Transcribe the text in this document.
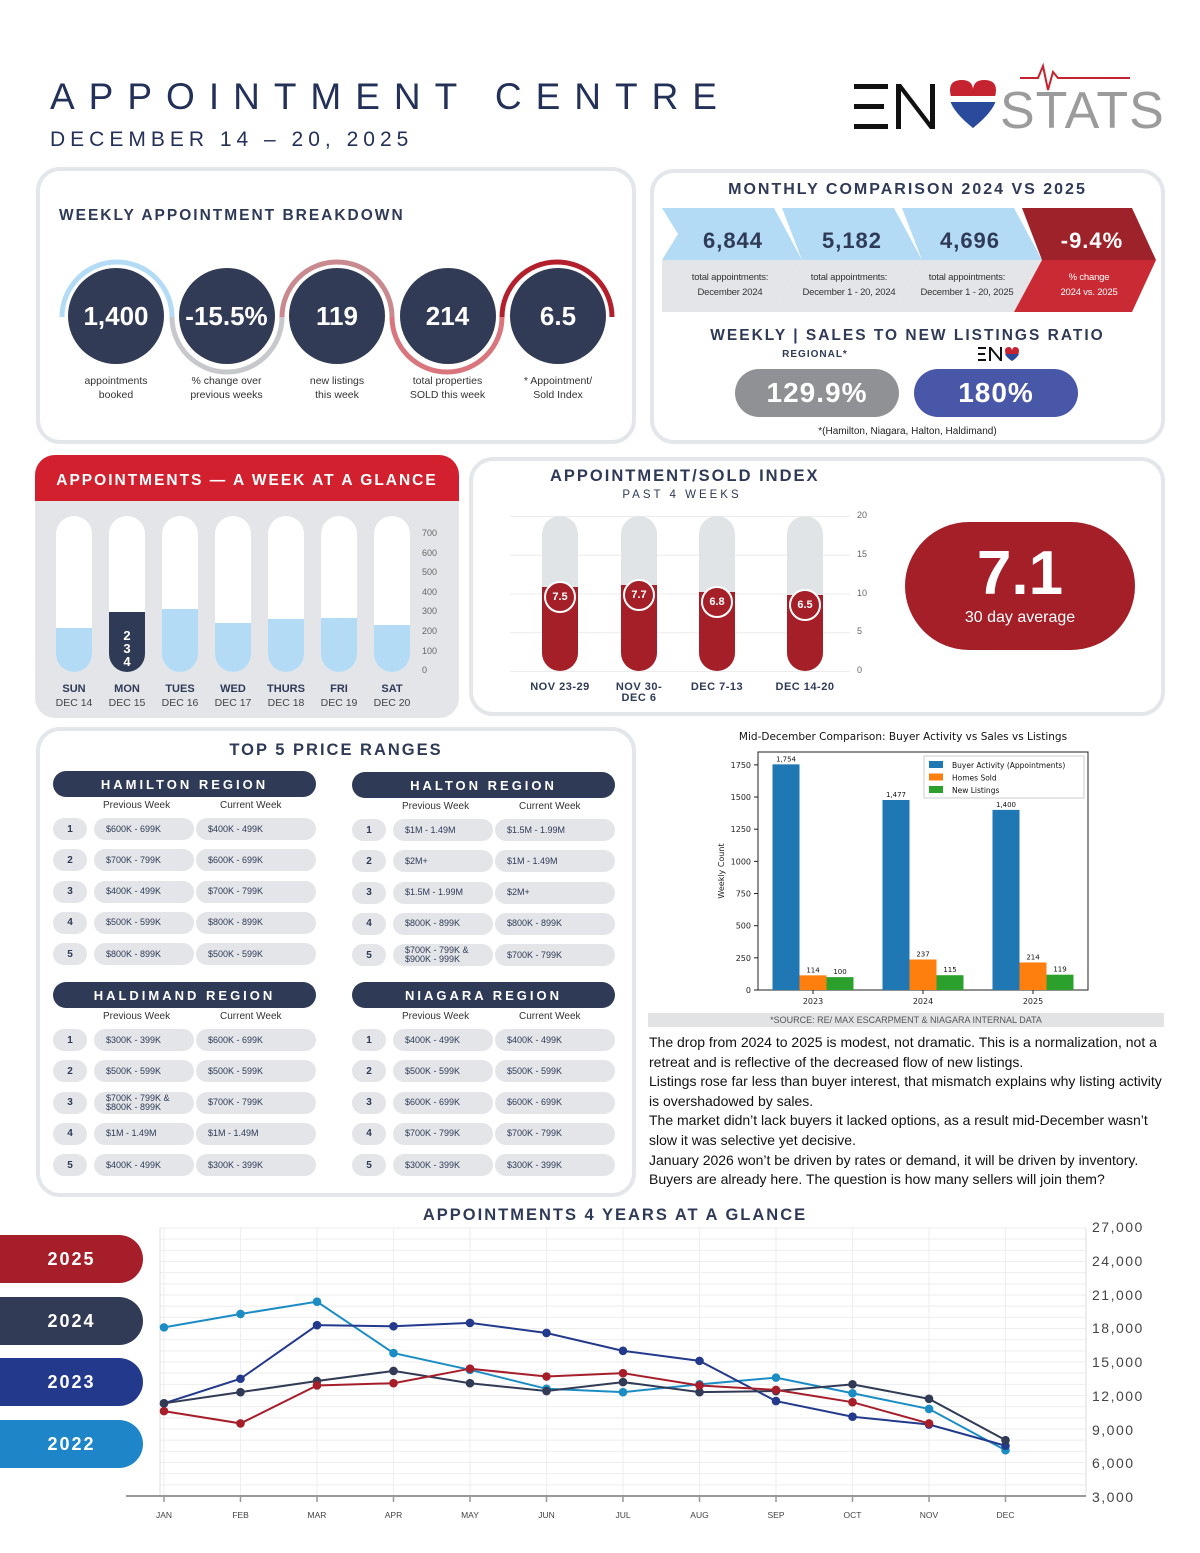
APPOINTMENT CENTRE
DECEMBER 14 – 20, 2025	STATS
WEEKLY APPOINTMENT BREAKDOWN
1,400
appointments
booked
-15.5%
% change over
previous weeks
119
new listings
this week
214
total properties
SOLD this week
6.5
* Appointment/
Sold Index
MONTHLY COMPARISON 2024 VS 2025
6,844
total appointments:
December 2024
5,182
total appointments:
December 1 - 20, 2024
4,696
total appointments:
December 1 - 20, 2025
-9.4%
% change
2024 vs. 2025
WEEKLY | SALES TO NEW LISTINGS RATIO
REGIONAL*
129.9%	180%
*(Hamilton, Niagara, Halton, Haldimand)
APPOINTMENTS — A WEEK AT A GLANCE
SUN
DEC 14
2
3
4
MON
DEC 15
TUES
DEC 16
WED
DEC 17
THURS
DEC 18
FRI
DEC 19
SAT
DEC 20
700
600
500
400
300
200
100
0
APPOINTMENT/SOLD INDEX
PAST 4 WEEKS
20
15
10
5
0
7.5
NOV 23-29
7.7
NOV 30-
DEC 6
6.8
DEC 7-13
6.5
DEC 14-20
7.1
30 day average
TOP 5 PRICE RANGES
HAMILTON REGION
Previous Week	Current Week
1	$600K - 699K	$400K - 499K
2	$700K - 799K	$600K - 699K
3	$400K - 499K	$700K - 799K
4	$500K - 599K	$800K - 899K
5	$800K - 899K	$500K - 599K
HALTON REGION
Previous Week	Current Week
1	$1M - 1.49M	$1.5M - 1.99M
2	$2M+	$1M - 1.49M
3	$1.5M - 1.99M	$2M+
4	$800K - 899K	$800K - 899K
5	$700K - 799K &
$900K - 999K	$700K - 799K
HALDIMAND REGION
Previous Week	Current Week
1	$300K - 399K	$600K - 699K
2	$500K - 599K	$500K - 599K
3	$700K - 799K &
$800K - 899K	$700K - 799K
4	$1M - 1.49M	$1M - 1.49M
5	$400K - 499K	$300K - 399K
NIAGARA REGION
Previous Week	Current Week
1	$400K - 499K	$400K - 499K
2	$500K - 599K	$500K - 599K
3	$600K - 699K	$600K - 699K
4	$700K - 799K	$700K - 799K
5	$300K - 399K	$300K - 399K
Mid-December Comparison: Buyer Activity vs Sales vs Listings
0
250
500
750
1000
1250
1500
1750
Weekly Count
2023
1,754
114 100
2024
1,477
237
115
2025
1,400
214
119
Buyer Activity (Appointments)
Homes Sold
New Listings
*SOURCE: RE/ MAX ESCARPMENT & NIAGARA INTERNAL DATA

The drop from 2024 to 2025 is modest, not dramatic. This is a normalization, not a retreat and is reflective of the decreased flow of new listings.

Listings rose far less than buyer interest, that mismatch explains why listing activity is overshadowed by sales.

The market didn’t lack buyers it lacked options, as a result mid-December wasn’t slow it was selective yet decisive.

January 2026 won’t be driven by rates or demand, it will be driven by inventory. Buyers are already here. The question is how many sellers will join them?

APPOINTMENTS 4 YEARS AT A GLANCE
2025
2024
2023
2022
JAN	FEB	MAR	APR	MAY	JUN	JUL	AUG	SEP	OCT	NOV	DEC
27,000
24,000
21,000
18,000
15,000
12,000
9,000
6,000
3,000
